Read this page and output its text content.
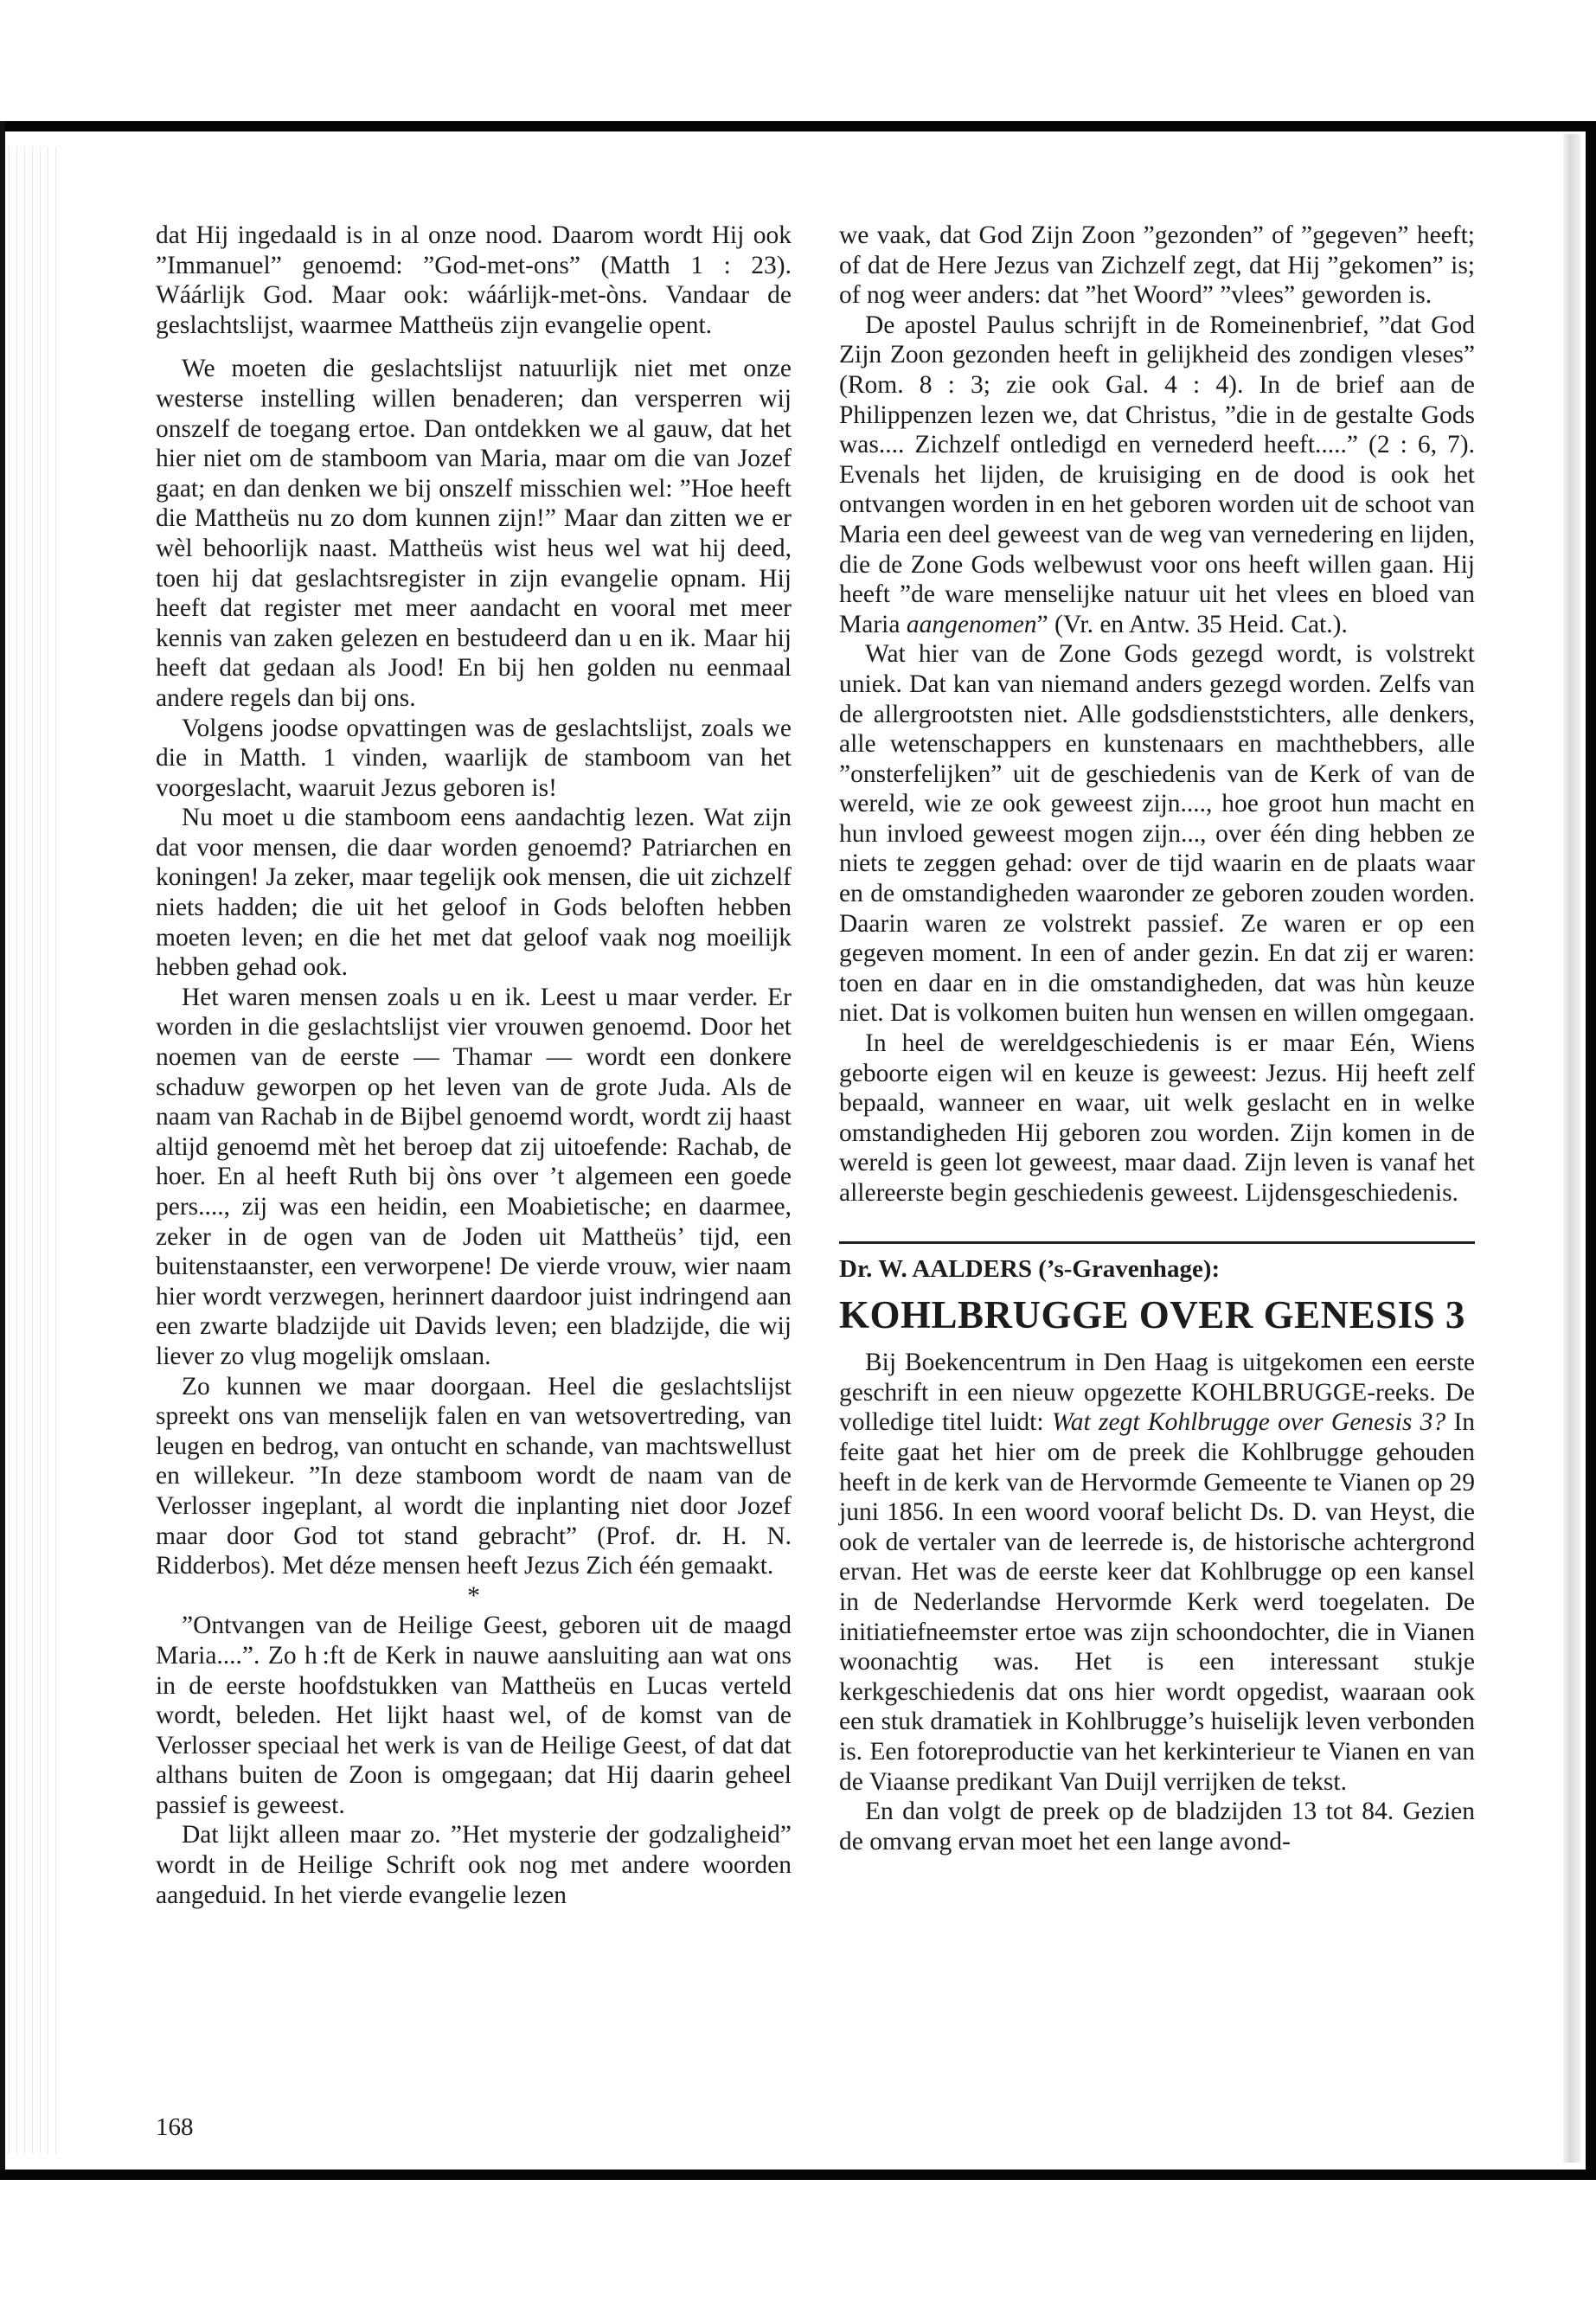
dat Hij ingedaald is in al onze nood. Daarom wordt Hij ook ”Immanuel” genoemd: ”God-met-ons” (Matth 1 : 23). Wáárlijk God. Maar ook: wáárlijk-met-òns. Vandaar de geslachtslijst, waarmee Mattheüs zijn evangelie opent.

We moeten die geslachtslijst natuurlijk niet met onze westerse instelling willen benaderen; dan versperren wij onszelf de toegang ertoe. Dan ontdekken we al gauw, dat het hier niet om de stamboom van Maria, maar om die van Jozef gaat; en dan denken we bij onszelf misschien wel: ”Hoe heeft die Mattheüs nu zo dom kunnen zijn!” Maar dan zitten we er wèl behoorlijk naast. Mattheüs wist heus wel wat hij deed, toen hij dat geslachtsregister in zijn evangelie opnam. Hij heeft dat register met meer aandacht en vooral met meer kennis van zaken gelezen en bestudeerd dan u en ik. Maar hij heeft dat gedaan als Jood! En bij hen golden nu eenmaal andere regels dan bij ons.

Volgens joodse opvattingen was de geslachtslijst, zoals we die in Matth. 1 vinden, waarlijk de stamboom van het voorgeslacht, waaruit Jezus geboren is!

Nu moet u die stamboom eens aandachtig lezen. Wat zijn dat voor mensen, die daar worden genoemd? Patriarchen en koningen! Ja zeker, maar tegelijk ook mensen, die uit zichzelf niets hadden; die uit het geloof in Gods beloften hebben moeten leven; en die het met dat geloof vaak nog moeilijk hebben gehad ook.

Het waren mensen zoals u en ik. Leest u maar verder. Er worden in die geslachtslijst vier vrouwen genoemd. Door het noemen van de eerste — Thamar — wordt een donkere schaduw geworpen op het leven van de grote Juda. Als de naam van Rachab in de Bijbel genoemd wordt, wordt zij haast altijd genoemd mèt het beroep dat zij uitoefende: Rachab, de hoer. En al heeft Ruth bij òns over ’t algemeen een goede pers...., zij was een heidin, een Moabietische; en daarmee, zeker in de ogen van de Joden uit Mattheüs’ tijd, een buitenstaanster, een verworpene! De vierde vrouw, wier naam hier wordt verzwegen, herinnert daardoor juist indringend aan een zwarte bladzijde uit Davids leven; een bladzijde, die wij liever zo vlug mogelijk omslaan.

Zo kunnen we maar doorgaan. Heel die geslachtslijst spreekt ons van menselijk falen en van wetsovertreding, van leugen en bedrog, van ontucht en schande, van machtswellust en willekeur. ”In deze stamboom wordt de naam van de Verlosser ingeplant, al wordt die inplanting niet door Jozef maar door God tot stand gebracht” (Prof. dr. H. N. Ridderbos). Met déze mensen heeft Jezus Zich één gemaakt.

*

”Ontvangen van de Heilige Geest, geboren uit de maagd Maria....”. Zo h :ft de Kerk in nauwe aansluiting aan wat ons in de eerste hoofdstukken van Mattheüs en Lucas verteld wordt, beleden. Het lijkt haast wel, of de komst van de Verlosser speciaal het werk is van de Heilige Geest, of dat dat althans buiten de Zoon is omgegaan; dat Hij daarin geheel passief is geweest.

Dat lijkt alleen maar zo. ”Het mysterie der godzaligheid” wordt in de Heilige Schrift ook nog met andere woorden aangeduid. In het vierde evangelie lezen

168

we vaak, dat God Zijn Zoon ”gezonden” of ”gegeven” heeft; of dat de Here Jezus van Zichzelf zegt, dat Hij ”gekomen” is; of nog weer anders: dat ”het Woord” ”vlees” geworden is.

De apostel Paulus schrijft in de Romeinenbrief, ”dat God Zijn Zoon gezonden heeft in gelijkheid des zondigen vleses” (Rom. 8 : 3; zie ook Gal. 4 : 4). In de brief aan de Philippenzen lezen we, dat Christus, ”die in de gestalte Gods was.... Zichzelf ontledigd en vernederd heeft.....” (2 : 6, 7). Evenals het lijden, de kruisiging en de dood is ook het ontvangen worden in en het geboren worden uit de schoot van Maria een deel geweest van de weg van vernedering en lijden, die de Zone Gods welbewust voor ons heeft willen gaan. Hij heeft ”de ware menselijke natuur uit het vlees en bloed van Maria aangenomen” (Vr. en Antw. 35 Heid. Cat.).

Wat hier van de Zone Gods gezegd wordt, is volstrekt uniek. Dat kan van niemand anders gezegd worden. Zelfs van de allergrootsten niet. Alle godsdienststichters, alle denkers, alle wetenschappers en kunstenaars en machthebbers, alle ”onsterfelijken” uit de geschiedenis van de Kerk of van de wereld, wie ze ook geweest zijn...., hoe groot hun macht en hun invloed geweest mogen zijn..., over één ding hebben ze niets te zeggen gehad: over de tijd waarin en de plaats waar en de omstandigheden waaronder ze geboren zouden worden. Daarin waren ze volstrekt passief. Ze waren er op een gegeven moment. In een of ander gezin. En dat zij er waren: toen en daar en in die omstandigheden, dat was hùn keuze niet. Dat is volkomen buiten hun wensen en willen omgegaan.

In heel de wereldgeschiedenis is er maar Eén, Wiens geboorte eigen wil en keuze is geweest: Jezus. Hij heeft zelf bepaald, wanneer en waar, uit welk geslacht en in welke omstandigheden Hij geboren zou worden. Zijn komen in de wereld is geen lot geweest, maar daad. Zijn leven is vanaf het allereerste begin geschiedenis geweest. Lijdensgeschiedenis.

Dr. W. AALDERS (’s-Gravenhage):
KOHLBRUGGE OVER GENESIS 3

Bij Boekencentrum in Den Haag is uitgekomen een eerste geschrift in een nieuw opgezette KOHLBRUGGE-reeks. De volledige titel luidt: Wat zegt Kohlbrugge over Genesis 3? In feite gaat het hier om de preek die Kohlbrugge gehouden heeft in de kerk van de Hervormde Gemeente te Vianen op 29 juni 1856. In een woord vooraf belicht Ds. D. van Heyst, die ook de vertaler van de leerrede is, de historische achtergrond ervan. Het was de eerste keer dat Kohlbrugge op een kansel in de Nederlandse Hervormde Kerk werd toegelaten. De initiatiefneemster ertoe was zijn schoondochter, die in Vianen woonachtig was. Het is een interessant stukje kerkgeschiedenis dat ons hier wordt opgedist, waaraan ook een stuk dramatiek in Kohlbrugge’s huiselijk leven verbonden is. Een fotoreproductie van het kerkinterieur te Vianen en van de Viaanse predikant Van Duijl verrijken de tekst.

En dan volgt de preek op de bladzijden 13 tot 84. Gezien de omvang ervan moet het een lange avond-
